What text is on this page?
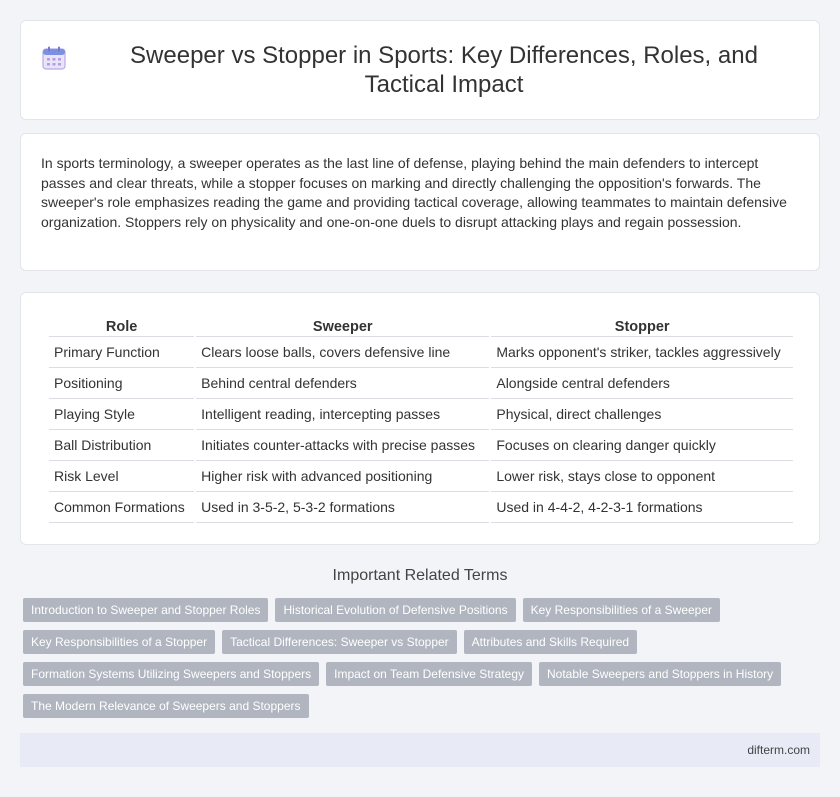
Sweeper vs Stopper in Sports: Key Differences, Roles, and Tactical Impact

In sports terminology, a sweeper operates as the last line of defense, playing behind the main defenders to intercept passes and clear threats, while a stopper focuses on marking and directly challenging the opposition's forwards. The sweeper's role emphasizes reading the game and providing tactical coverage, allowing teammates to maintain defensive organization. Stoppers rely on physicality and one-on-one duels to disrupt attacking plays and regain possession.

Role	Sweeper	Stopper
Primary Function	Clears loose balls, covers defensive line	Marks opponent's striker, tackles aggressively
Positioning	Behind central defenders	Alongside central defenders
Playing Style	Intelligent reading, intercepting passes	Physical, direct challenges
Ball Distribution	Initiates counter-attacks with precise passes	Focuses on clearing danger quickly
Risk Level	Higher risk with advanced positioning	Lower risk, stays close to opponent
Common Formations	Used in 3-5-2, 5-3-2 formations	Used in 4-4-2, 4-2-3-1 formations
Important Related Terms
Introduction to Sweeper and Stopper Roles	Historical Evolution of Defensive Positions	Key Responsibilities of a Sweeper
Key Responsibilities of a Stopper	Tactical Differences: Sweeper vs Stopper	Attributes and Skills Required
Formation Systems Utilizing Sweepers and Stoppers	Impact on Team Defensive Strategy	Notable Sweepers and Stoppers in History
The Modern Relevance of Sweepers and Stoppers
difterm.com
